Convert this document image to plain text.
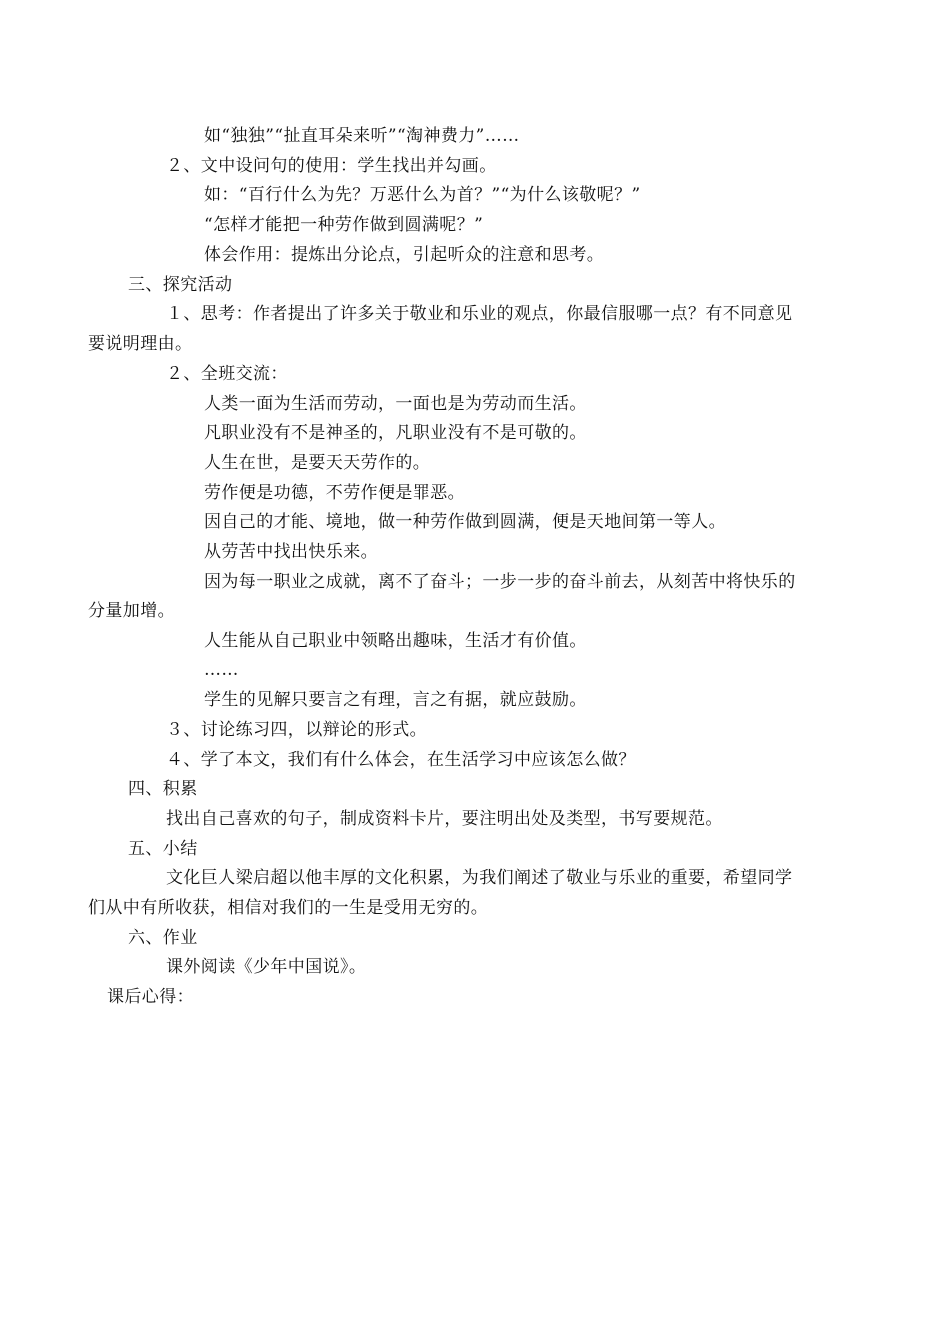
如“独独”“扯直耳朵来听”“淘神费力”……
２、文中设问句的使用：学生找出并勾画。
如：“百行什么为先？万恶什么为首？”“为什么该敬呢？”
“怎样才能把一种劳作做到圆满呢？”
体会作用：提炼出分论点，引起听众的注意和思考。
三、探究活动
１、思考：作者提出了许多关于敬业和乐业的观点，你最信服哪一点？有不同意见
要说明理由。
２、全班交流：
人类一面为生活而劳动，一面也是为劳动而生活。
凡职业没有不是神圣的，凡职业没有不是可敬的。
人生在世，是要天天劳作的。
劳作便是功德，不劳作便是罪恶。
因自己的才能、境地，做一种劳作做到圆满，便是天地间第一等人。
从劳苦中找出快乐来。
因为每一职业之成就，离不了奋斗；一步一步的奋斗前去，从刻苦中将快乐的
分量加增。
人生能从自己职业中领略出趣味，生活才有价值。
……
学生的见解只要言之有理，言之有据，就应鼓励。
３、讨论练习四，以辩论的形式。
４、学了本文，我们有什么体会，在生活学习中应该怎么做？
四、积累
找出自己喜欢的句子，制成资料卡片，要注明出处及类型，书写要规范。
五、小结
文化巨人梁启超以他丰厚的文化积累，为我们阐述了敬业与乐业的重要，希望同学
们从中有所收获，相信对我们的一生是受用无穷的。
六、作业
课外阅读《少年中国说》。
课后心得：
